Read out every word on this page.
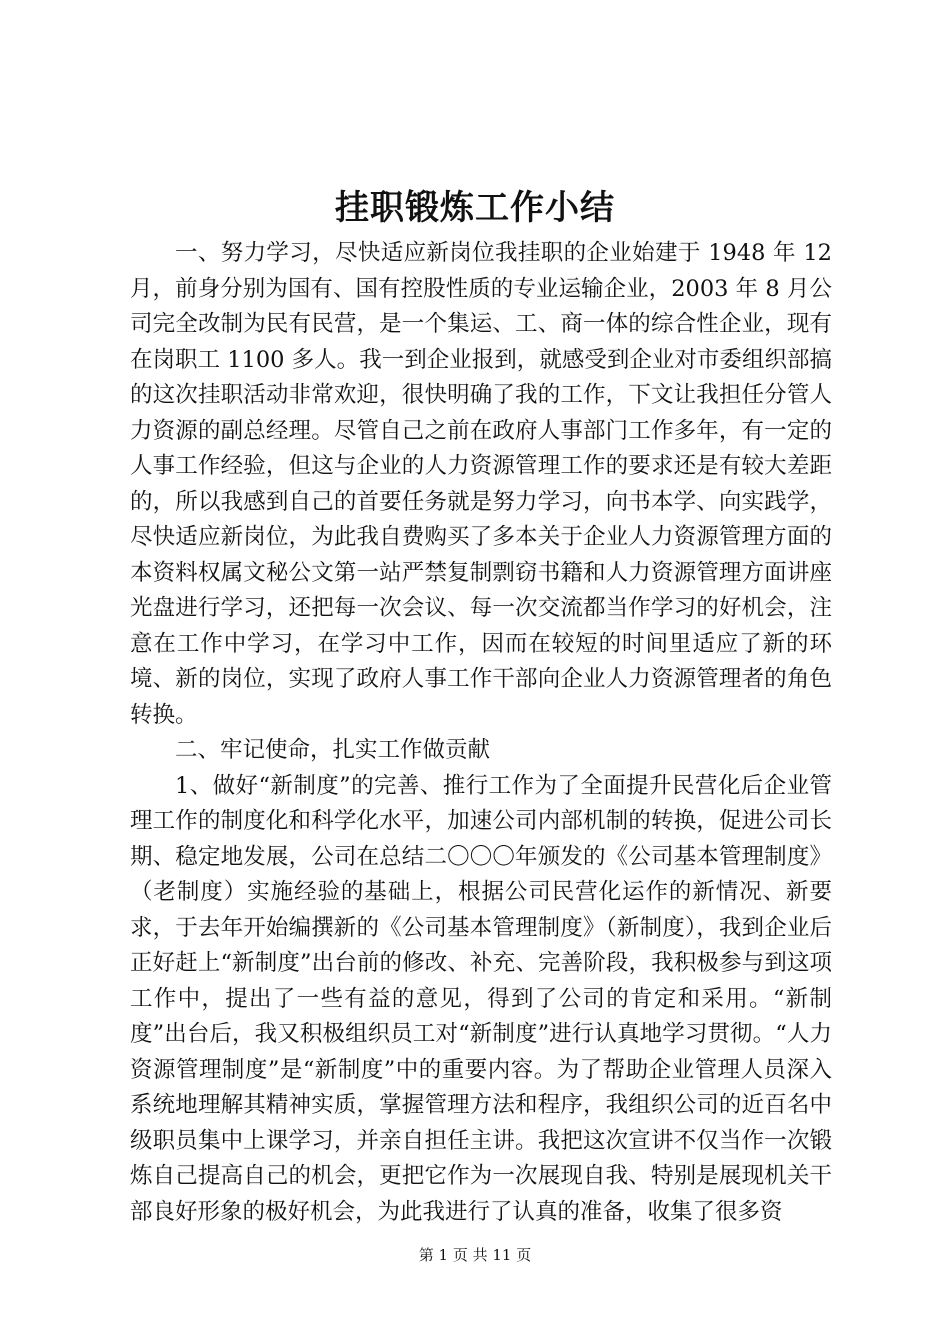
挂职锻炼工作小结

一、努力学习，尽快适应新岗位我挂职的企业始建于 1948 年 12 月，前身分别为国有、国有控股性质的专业运输企业，2003 年 8 月公司完全改制为民有民营，是一个集运、工、商一体的综合性企业，现有在岗职工 1100 多人。我一到企业报到，就感受到企业对市委组织部搞的这次挂职活动非常欢迎，很快明确了我的工作，下文让我担任分管人力资源的副总经理。尽管自己之前在政府人事部门工作多年，有一定的人事工作经验，但这与企业的人力资源管理工作的要求还是有较大差距的，所以我感到自己的首要任务就是努力学习，向书本学、向实践学，尽快适应新岗位，为此我自费购买了多本关于企业人力资源管理方面的本资料权属文秘公文第一站严禁复制剽窃书籍和人力资源管理方面讲座光盘进行学习，还把每一次会议、每一次交流都当作学习的好机会，注意在工作中学习，在学习中工作，因而在较短的时间里适应了新的环境、新的岗位，实现了政府人事工作干部向企业人力资源管理者的角色转换。

二、牢记使命，扎实工作做贡献

1、做好“新制度”的完善、推行工作为了全面提升民营化后企业管理工作的制度化和科学化水平，加速公司内部机制的转换，促进公司长期、稳定地发展，公司在总结二〇〇〇年颁发的《公司基本管理制度》（老制度）实施经验的基础上，根据公司民营化运作的新情况、新要求，于去年开始编撰新的《公司基本管理制度》（新制度），我到企业后正好赶上“新制度”出台前的修改、补充、完善阶段，我积极参与到这项工作中，提出了一些有益的意见，得到了公司的肯定和采用。“新制度”出台后，我又积极组织员工对“新制度”进行认真地学习贯彻。“人力资源管理制度”是“新制度”中的重要内容。为了帮助企业管理人员深入系统地理解其精神实质，掌握管理方法和程序，我组织公司的近百名中级职员集中上课学习，并亲自担任主讲。我把这次宣讲不仅当作一次锻炼自己提高自己的机会，更把它作为一次展现自我、特别是展现机关干部良好形象的极好机会，为此我进行了认真的准备，收集了很多资

第 1 页 共 11 页
